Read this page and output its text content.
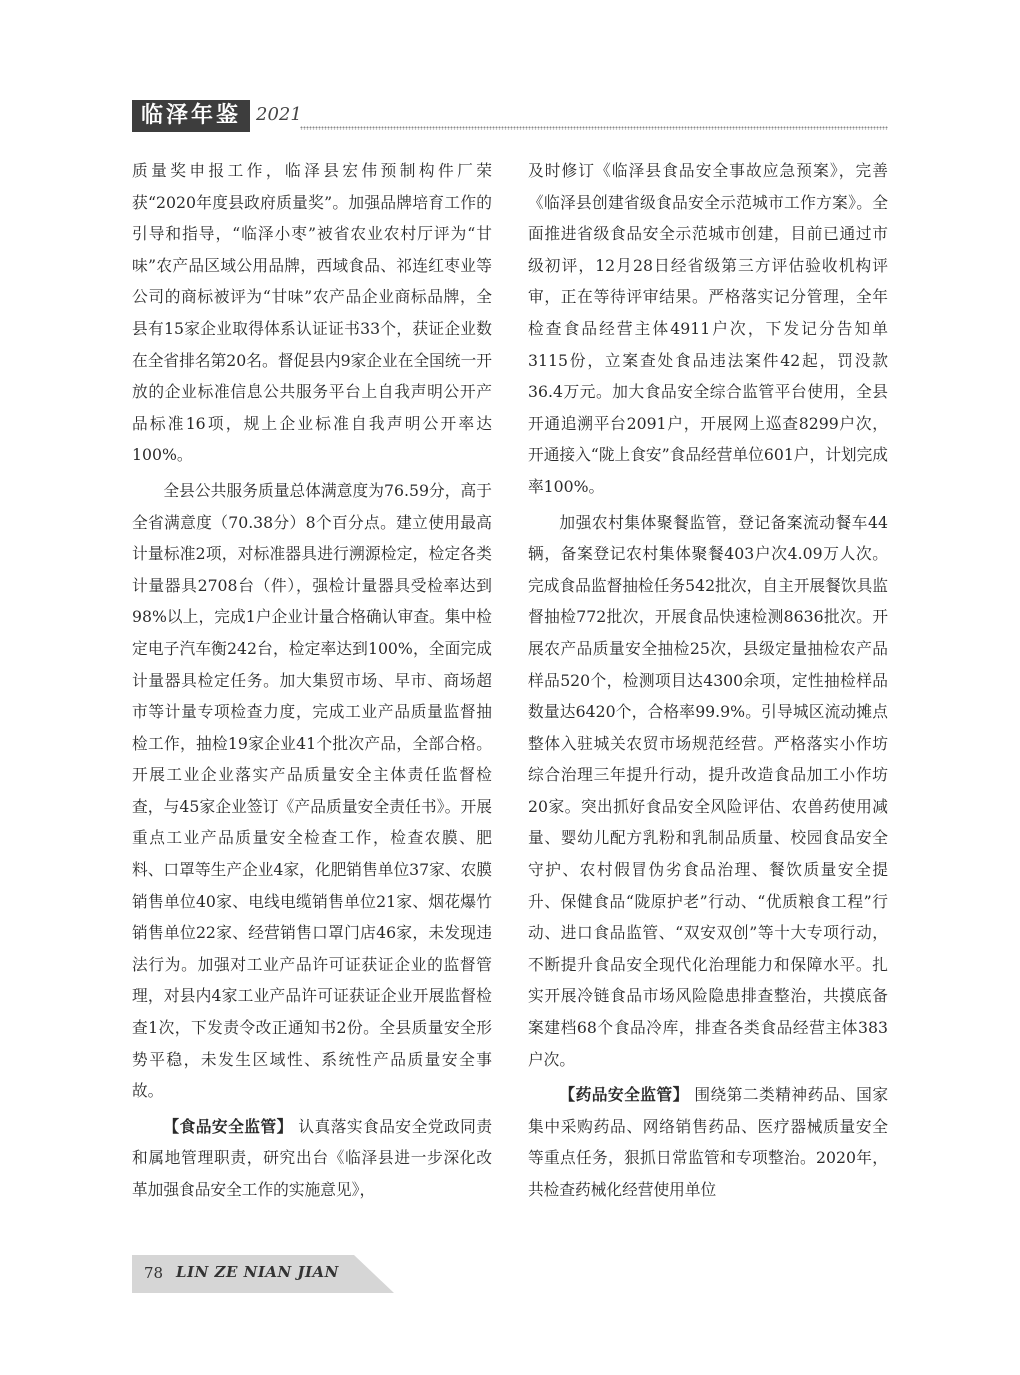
临泽年鉴 2021

质量奖申报工作，临泽县宏伟预制构件厂荣获“2020年度县政府质量奖”。加强品牌培育工作的引导和指导，“临泽小枣”被省农业农村厅评为“甘味”农产品区域公用品牌，西域食品、祁连红枣业等公司的商标被评为“甘味”农产品企业商标品牌，全县有15家企业取得体系认证证书33个，获证企业数在全省排名第20名。督促县内9家企业在全国统一开放的企业标准信息公共服务平台上自我声明公开产品标准16项，规上企业标准自我声明公开率达100%。

全县公共服务质量总体满意度为76.59分，高于全省满意度（70.38分）8个百分点。建立使用最高计量标准2项，对标准器具进行溯源检定，检定各类计量器具2708台（件），强检计量器具受检率达到98%以上，完成1户企业计量合格确认审查。集中检定电子汽车衡242台，检定率达到100%，全面完成计量器具检定任务。加大集贸市场、早市、商场超市等计量专项检查力度，完成工业产品质量监督抽检工作，抽检19家企业41个批次产品，全部合格。开展工业企业落实产品质量安全主体责任监督检查，与45家企业签订《产品质量安全责任书》。开展重点工业产品质量安全检查工作，检查农膜、肥料、口罩等生产企业4家，化肥销售单位37家、农膜销售单位40家、电线电缆销售单位21家、烟花爆竹销售单位22家、经营销售口罩门店46家，未发现违法行为。加强对工业产品许可证获证企业的监督管理，对县内4家工业产品许可证获证企业开展监督检查1次，下发责令改正通知书2份。全县质量安全形势平稳，未发生区域性、系统性产品质量安全事故。

【食品安全监管】 认真落实食品安全党政同责和属地管理职责，研究出台《临泽县进一步深化改革加强食品安全工作的实施意见》，

及时修订《临泽县食品安全事故应急预案》，完善《临泽县创建省级食品安全示范城市工作方案》。全面推进省级食品安全示范城市创建，目前已通过市级初评，12月28日经省级第三方评估验收机构评审，正在等待评审结果。严格落实记分管理，全年检查食品经营主体4911户次，下发记分告知单3115份，立案查处食品违法案件42起，罚没款36.4万元。加大食品安全综合监管平台使用，全县开通追溯平台2091户，开展网上巡查8299户次，开通接入“陇上食安”食品经营单位601户，计划完成率100%。

加强农村集体聚餐监管，登记备案流动餐车44辆，备案登记农村集体聚餐403户次4.09万人次。完成食品监督抽检任务542批次，自主开展餐饮具监督抽检772批次，开展食品快速检测8636批次。开展农产品质量安全抽检25次，县级定量抽检农产品样品520个，检测项目达4300余项，定性抽检样品数量达6420个，合格率99.9%。引导城区流动摊点整体入驻城关农贸市场规范经营。严格落实小作坊综合治理三年提升行动，提升改造食品加工小作坊20家。突出抓好食品安全风险评估、农兽药使用减量、婴幼儿配方乳粉和乳制品质量、校园食品安全守护、农村假冒伪劣食品治理、餐饮质量安全提升、保健食品“陇原护老”行动、“优质粮食工程”行动、进口食品监管、“双安双创”等十大专项行动，不断提升食品安全现代化治理能力和保障水平。扎实开展冷链食品市场风险隐患排查整治，共摸底备案建档68个食品冷库，排查各类食品经营主体383户次。

【药品安全监管】 围绕第二类精神药品、国家集中采购药品、网络销售药品、医疗器械质量安全等重点任务，狠抓日常监管和专项整治。2020年，共检查药械化经营使用单位

78 LIN ZE NIAN JIAN
